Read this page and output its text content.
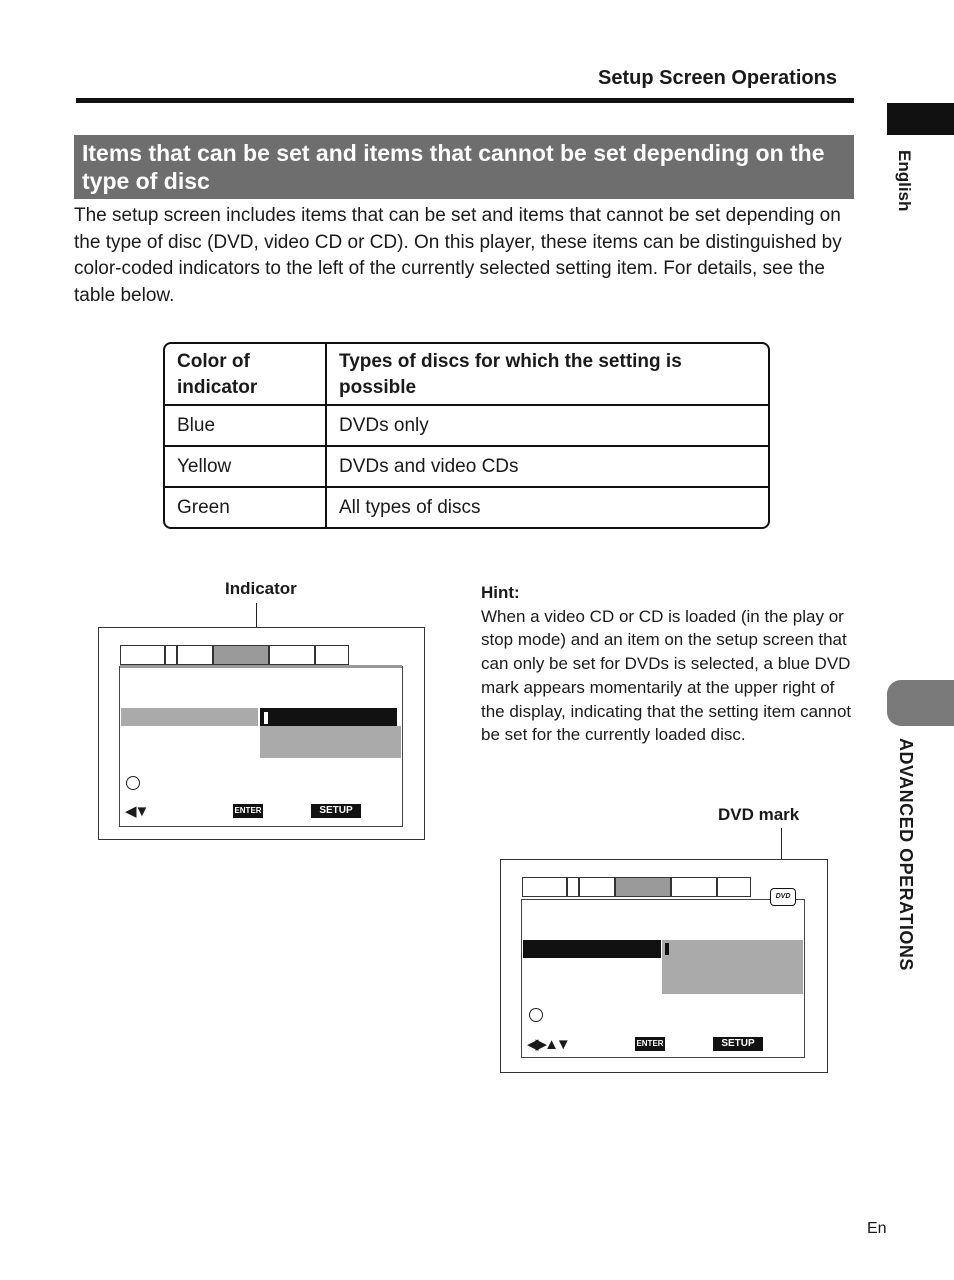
Setup Screen Operations
English
ADVANCED OPERATIONS
Items that can be set and items that cannot be set depending on the type of disc
The setup screen includes items that can be set and items that cannot be set depending on the type of disc (DVD, video CD or CD). On this player, these items can be distinguished by color-coded indicators to the left of the currently selected setting item. For details, see the table below.
Color of indicator	Types of discs for which the setting is possible
Blue	DVDs only
Yellow	DVDs and video CDs
Green	All types of discs
Indicator
◀▼	ENTER	SETUP
Hint:
When a video CD or CD is loaded (in the play or stop mode) and an item on the setup screen that can only be set for DVDs is selected, a blue DVD mark appears momentarily at the upper right of the display, indicating that the setting item cannot be set for the currently loaded disc.
DVD mark
DVD
◀▶▲▼	ENTER	SETUP
En
